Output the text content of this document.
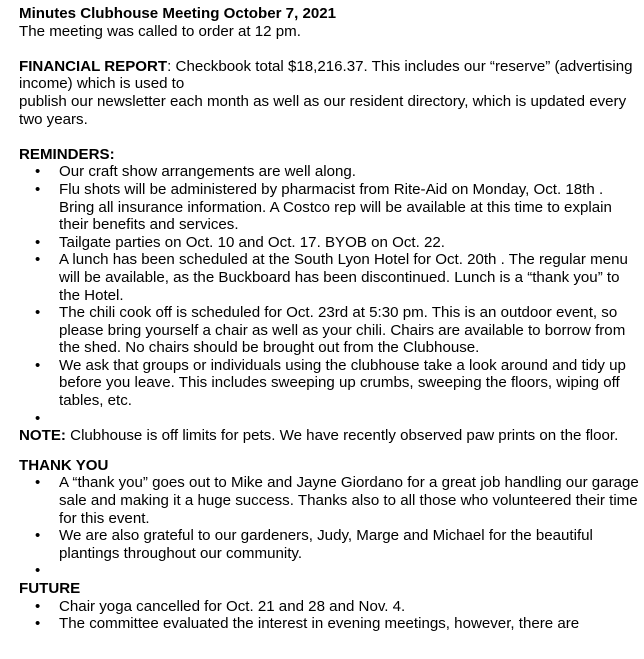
Minutes Clubhouse Meeting October 7, 2021

The meeting was called to order at 12 pm.

FINANCIAL REPORT: Checkbook total $18,216.37. This includes our “reserve” (advertising income) which is used to

publish our newsletter each month as well as our resident directory, which is updated every two years.

REMINDERS:

• Our craft show arrangements are well along.
• Flu shots will be administered by pharmacist from Rite-Aid on Monday, Oct. 18th . Bring all insurance information. A Costco rep will be available at this time to explain their benefits and services.
• Tailgate parties on Oct. 10 and Oct. 17. BYOB on Oct. 22.
• A lunch has been scheduled at the South Lyon Hotel for Oct. 20th . The regular menu will be available, as the Buckboard has been discontinued. Lunch is a “thank you” to the Hotel.
• The chili cook off is scheduled for Oct. 23rd at 5:30 pm. This is an outdoor event, so please bring yourself a chair as well as your chili. Chairs are available to borrow from the shed. No chairs should be brought out from the Clubhouse.
• We ask that groups or individuals using the clubhouse take a look around and tidy up before you leave. This includes sweeping up crumbs, sweeping the floors, wiping off tables, etc.
•

NOTE: Clubhouse is off limits for pets. We have recently observed paw prints on the floor.

THANK YOU

• A “thank you” goes out to Mike and Jayne Giordano for a great job handling our garage sale and making it a huge success. Thanks also to all those who volunteered their time for this event.
• We are also grateful to our gardeners, Judy, Marge and Michael for the beautiful plantings throughout our community.
•

FUTURE

• Chair yoga cancelled for Oct. 21 and 28 and Nov. 4.
• The committee evaluated the interest in evening meetings, however, there are
